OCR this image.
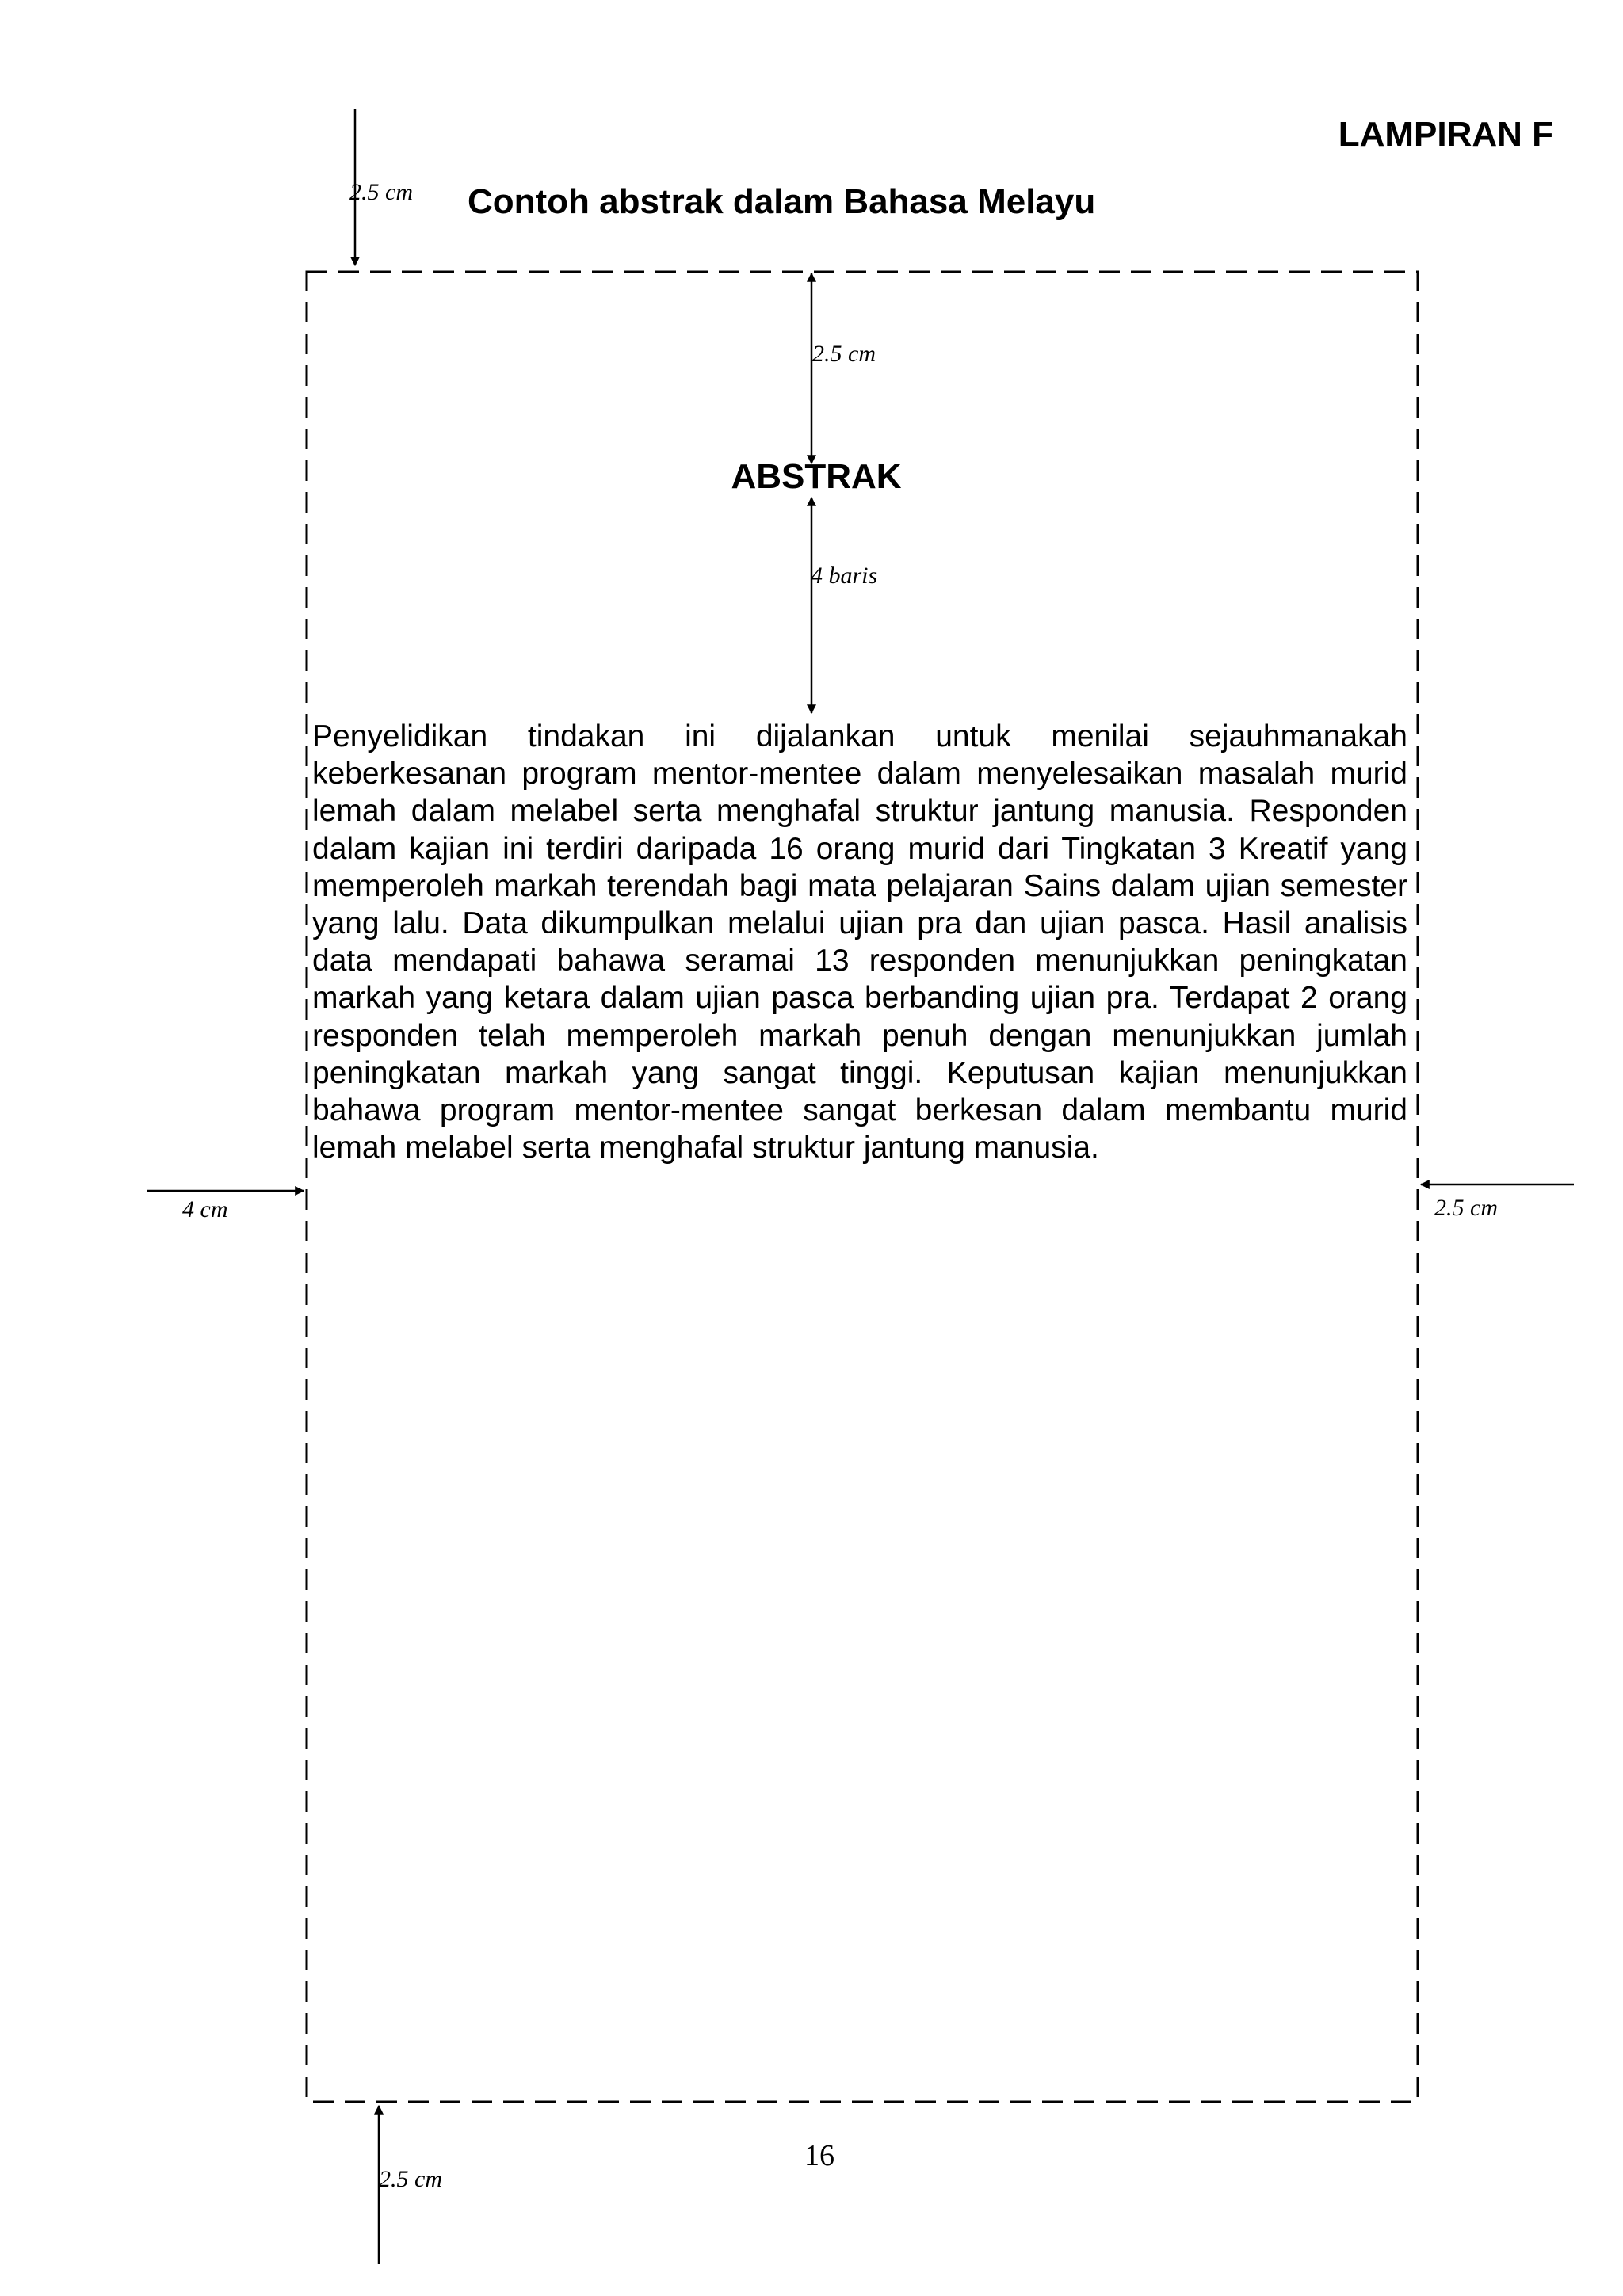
LAMPIRAN F
Contoh abstrak dalam Bahasa Melayu
2.5 cm
2.5 cm
ABSTRAK
4 baris

Penyelidikan tindakan ini dijalankan untuk menilai sejauhmanakah keberkesanan program mentor-mentee dalam menyelesaikan masalah murid lemah dalam melabel serta menghafal struktur jantung manusia. Responden dalam kajian ini terdiri daripada 16 orang murid dari Tingkatan 3 Kreatif yang memperoleh markah terendah bagi mata pelajaran Sains dalam ujian semester yang lalu. Data dikumpulkan melalui ujian pra dan ujian pasca. Hasil analisis data mendapati bahawa seramai 13 responden menunjukkan peningkatan markah yang ketara dalam ujian pasca berbanding ujian pra. Terdapat 2 orang responden telah memperoleh markah penuh dengan menunjukkan jumlah peningkatan markah yang sangat tinggi. Keputusan kajian menunjukkan bahawa program mentor-mentee sangat berkesan dalam membantu murid lemah melabel serta menghafal struktur jantung manusia.

4 cm	2.5 cm
16
2.5 cm
